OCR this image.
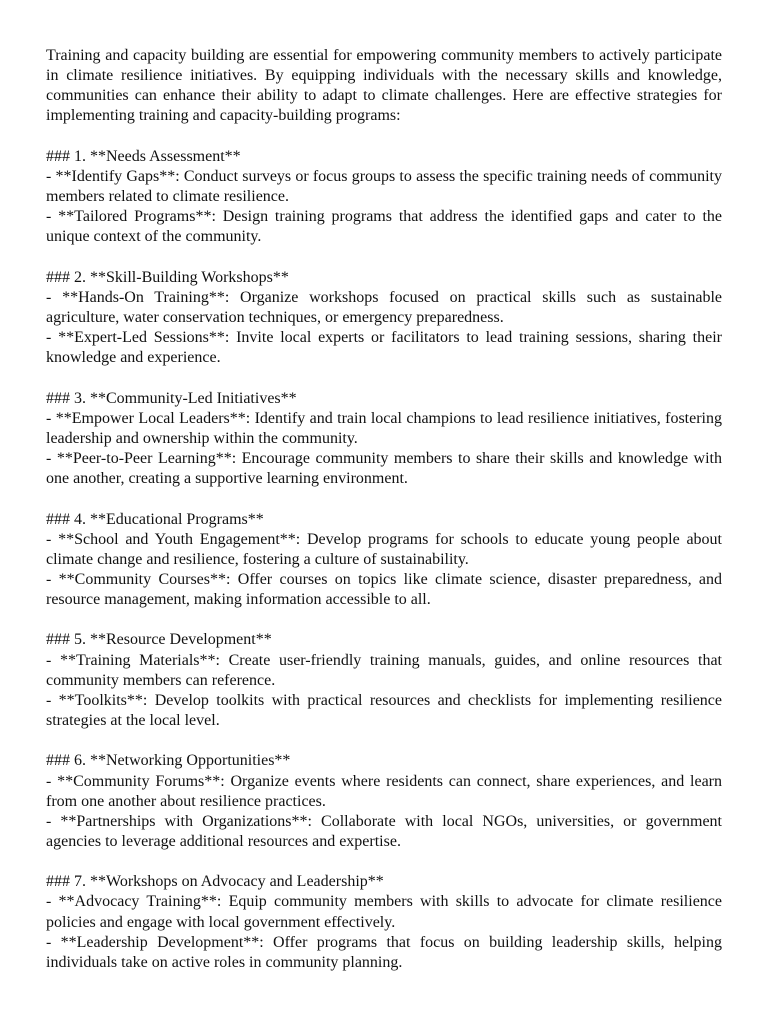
Training and capacity building are essential for empowering community members to actively participate in climate resilience initiatives. By equipping individuals with the necessary skills and knowledge, communities can enhance their ability to adapt to climate challenges. Here are effective strategies for implementing training and capacity-building programs:

### 1. **Needs Assessment**

- **Identify Gaps**: Conduct surveys or focus groups to assess the specific training needs of community members related to climate resilience.

- **Tailored Programs**: Design training programs that address the identified gaps and cater to the unique context of the community.

### 2. **Skill-Building Workshops**

- **Hands-On Training**: Organize workshops focused on practical skills such as sustainable agriculture, water conservation techniques, or emergency preparedness.

- **Expert-Led Sessions**: Invite local experts or facilitators to lead training sessions, sharing their knowledge and experience.

### 3. **Community-Led Initiatives**

- **Empower Local Leaders**: Identify and train local champions to lead resilience initiatives, fostering leadership and ownership within the community.

- **Peer-to-Peer Learning**: Encourage community members to share their skills and knowledge with one another, creating a supportive learning environment.

### 4. **Educational Programs**

- **School and Youth Engagement**: Develop programs for schools to educate young people about climate change and resilience, fostering a culture of sustainability.

- **Community Courses**: Offer courses on topics like climate science, disaster preparedness, and resource management, making information accessible to all.

### 5. **Resource Development**

- **Training Materials**: Create user-friendly training manuals, guides, and online resources that community members can reference.

- **Toolkits**: Develop toolkits with practical resources and checklists for implementing resilience strategies at the local level.

### 6. **Networking Opportunities**

- **Community Forums**: Organize events where residents can connect, share experiences, and learn from one another about resilience practices.

- **Partnerships with Organizations**: Collaborate with local NGOs, universities, or government agencies to leverage additional resources and expertise.

### 7. **Workshops on Advocacy and Leadership**

- **Advocacy Training**: Equip community members with skills to advocate for climate resilience policies and engage with local government effectively.

- **Leadership Development**: Offer programs that focus on building leadership skills, helping individuals take on active roles in community planning.
